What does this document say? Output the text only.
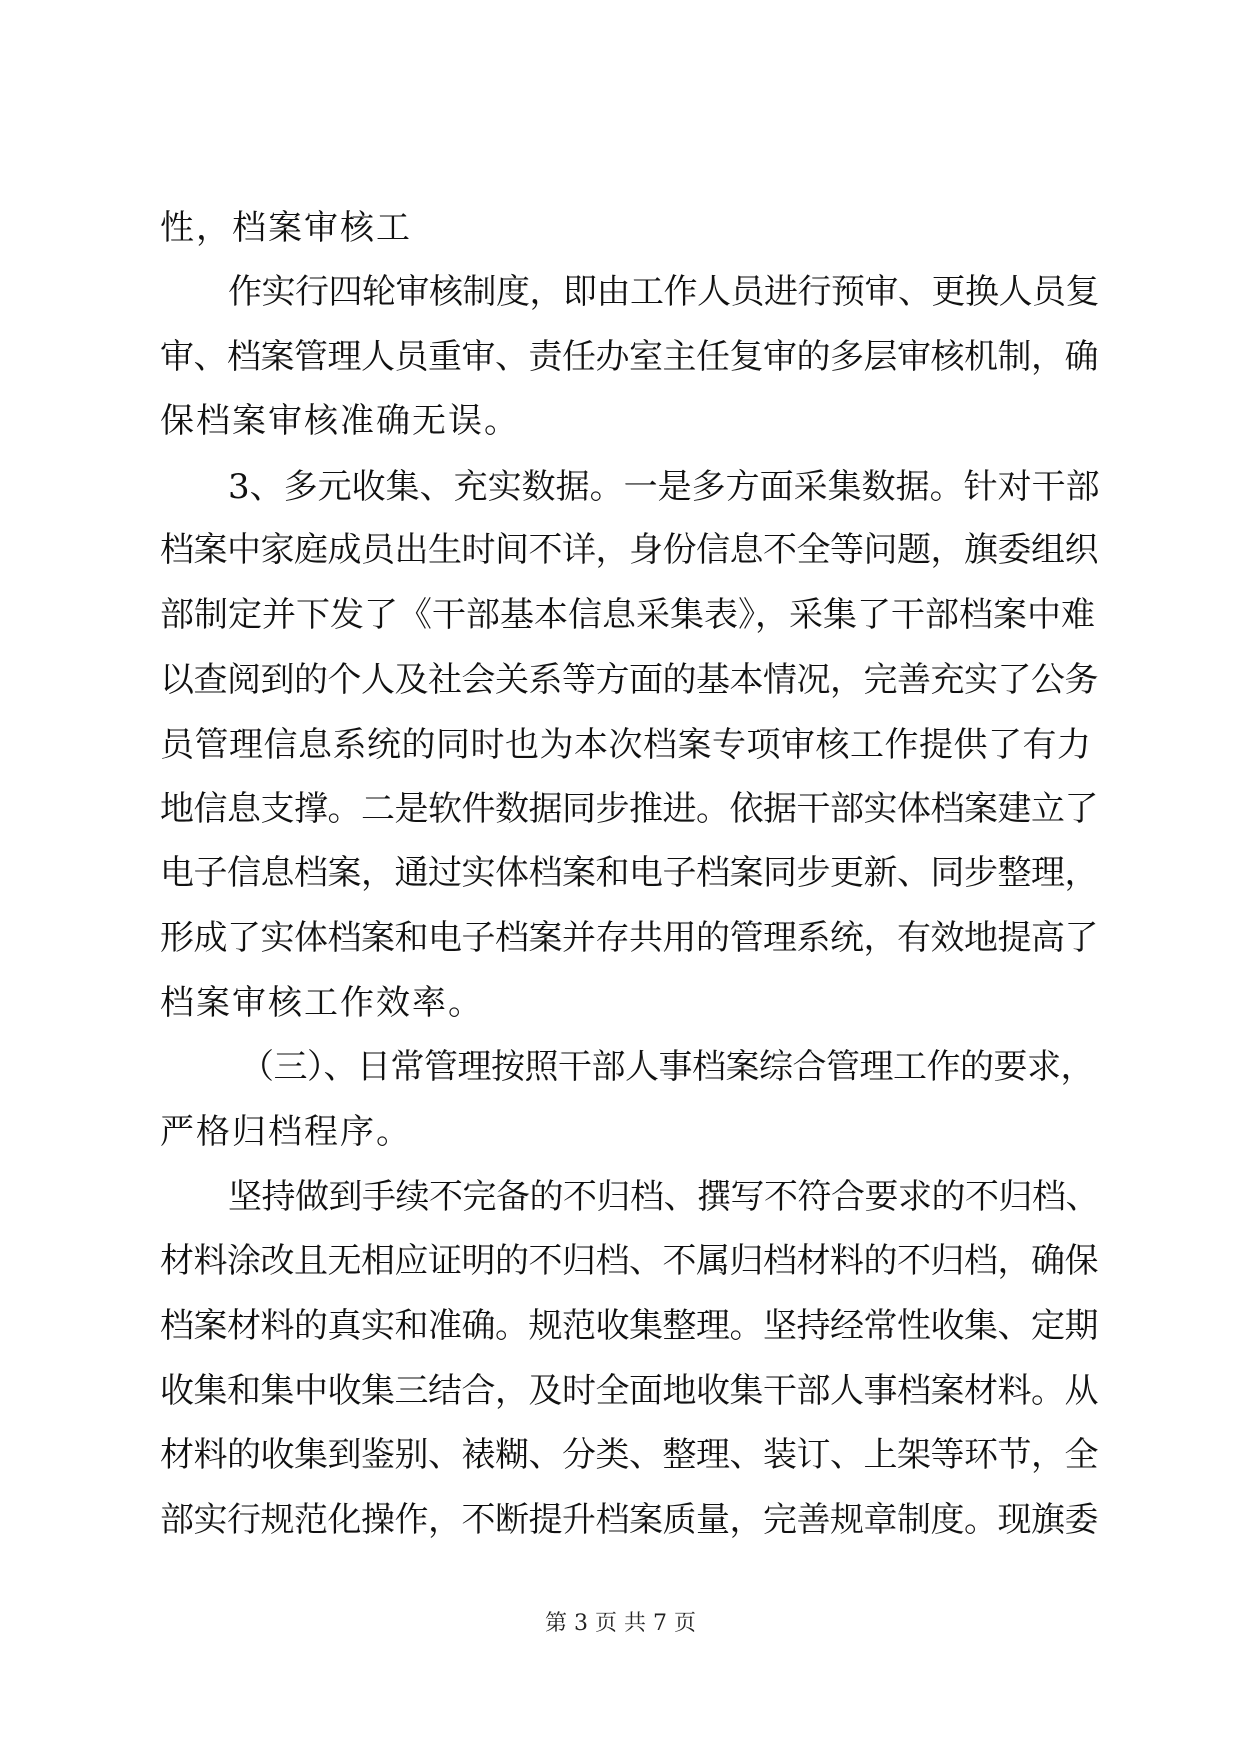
性，档案审核工
作实行四轮审核制度，即由工作人员进行预审、更换人员复
审、档案管理人员重审、责任办室主任复审的多层审核机制，确
保档案审核准确无误。
3、多元收集、充实数据。一是多方面采集数据。针对干部
档案中家庭成员出生时间不详，身份信息不全等问题，旗委组织
部制定并下发了《干部基本信息采集表》，采集了干部档案中难
以查阅到的个人及社会关系等方面的基本情况，完善充实了公务
员管理信息系统的同时也为本次档案专项审核工作提供了有力
地信息支撑。二是软件数据同步推进。依据干部实体档案建立了
电子信息档案，通过实体档案和电子档案同步更新、同步整理，
形成了实体档案和电子档案并存共用的管理系统，有效地提高了
档案审核工作效率。
（三）、日常管理按照干部人事档案综合管理工作的要求，
严格归档程序。
坚持做到手续不完备的不归档、撰写不符合要求的不归档、
材料涂改且无相应证明的不归档、不属归档材料的不归档，确保
档案材料的真实和准确。规范收集整理。坚持经常性收集、定期
收集和集中收集三结合，及时全面地收集干部人事档案材料。从
材料的收集到鉴别、裱糊、分类、整理、装订、上架等环节，全
部实行规范化操作，不断提升档案质量，完善规章制度。现旗委
第 3 页 共 7 页
